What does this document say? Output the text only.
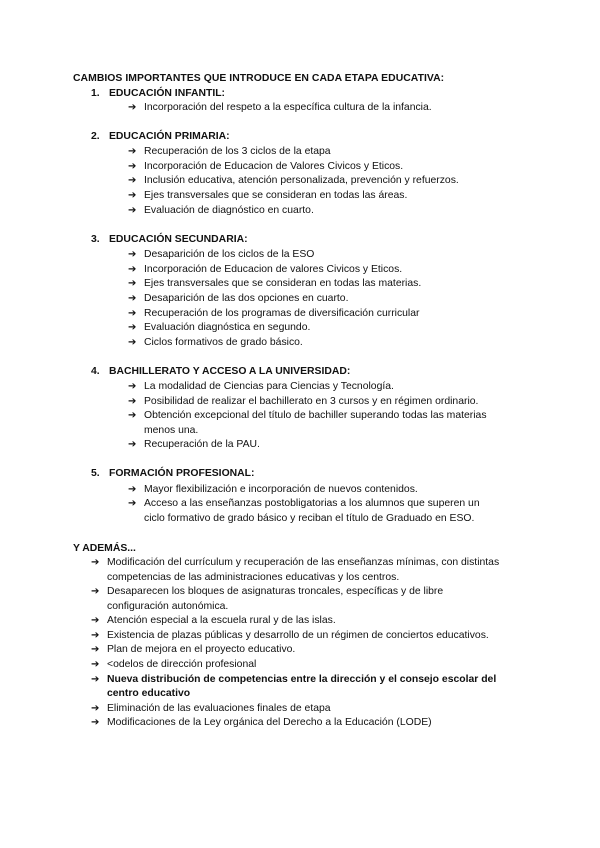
CAMBIOS IMPORTANTES QUE INTRODUCE EN CADA ETAPA EDUCATIVA:
1. EDUCACIÓN INFANTIL:
➔ Incorporación del respeto a la específica cultura de la infancia.
2. EDUCACIÓN PRIMARIA:
➔ Recuperación de los 3 ciclos de la etapa
➔ Incorporación de Educacion de Valores Civicos y Eticos.
➔ Inclusión educativa, atención personalizada, prevención y refuerzos.
➔ Ejes transversales que se consideran en todas las áreas.
➔ Evaluación de diagnóstico en cuarto.
3. EDUCACIÓN SECUNDARIA:
➔ Desaparición de los ciclos de la ESO
➔ Incorporación de Educacion de valores Civicos y Eticos.
➔ Ejes transversales que se consideran en todas las materias.
➔ Desaparición de las dos opciones en cuarto.
➔ Recuperación de los programas de diversificación curricular
➔ Evaluación diagnóstica en segundo.
➔ Ciclos formativos de grado básico.
4. BACHILLERATO Y ACCESO A LA UNIVERSIDAD:
➔ La modalidad de Ciencias para Ciencias y Tecnología.
➔ Posibilidad de realizar el bachillerato en 3 cursos y en régimen ordinario.
➔ Obtención excepcional del título de bachiller superando todas las materias
menos una.
➔ Recuperación de la PAU.
5. FORMACIÓN PROFESIONAL:
➔ Mayor flexibilización e incorporación de nuevos contenidos.
➔ Acceso a las enseñanzas postobligatorias a los alumnos que superen un
ciclo formativo de grado básico y reciban el título de Graduado en ESO.
Y ADEMÁS...
➔ Modificación del currículum y recuperación de las enseñanzas mínimas, con distintas
competencias de las administraciones educativas y los centros.
➔ Desaparecen los bloques de asignaturas troncales, específicas y de libre
configuración autonómica.
➔ Atención especial a la escuela rural y de las islas.
➔ Existencia de plazas públicas y desarrollo de un régimen de conciertos educativos.
➔ Plan de mejora en el proyecto educativo.
➔ <odelos de dirección profesional
➔ Nueva distribución de competencias entre la dirección y el consejo escolar del
centro educativo
➔ Eliminación de las evaluaciones finales de etapa
➔ Modificaciones de la Ley orgánica del Derecho a la Educación (LODE)
